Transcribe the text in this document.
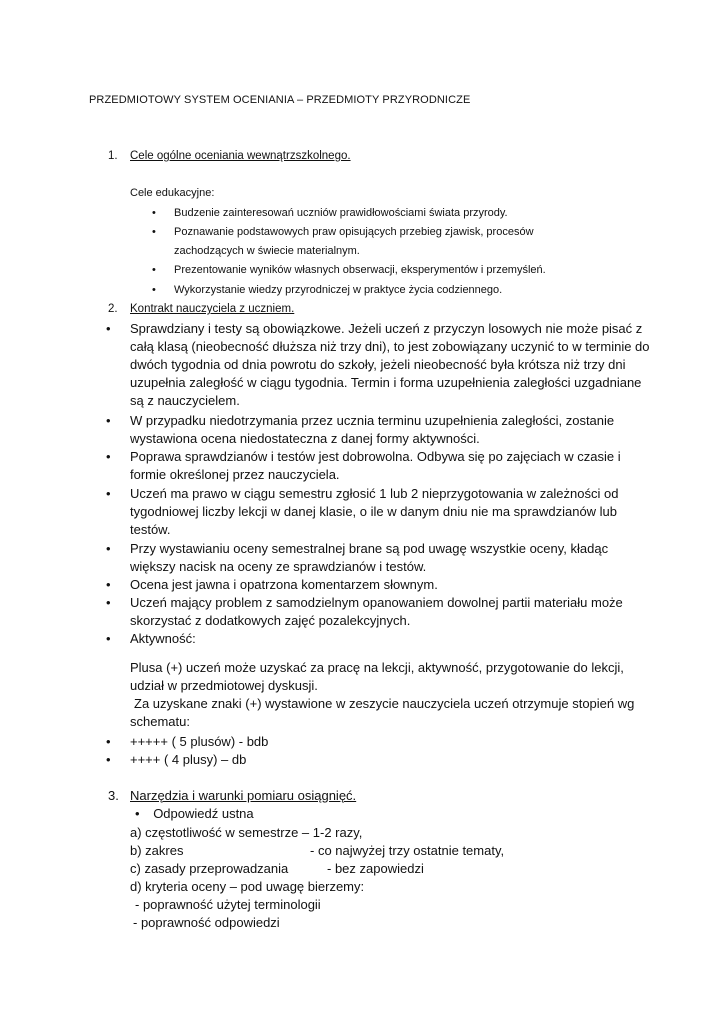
PRZEDMIOTOWY SYSTEM OCENIANIA – PRZEDMIOTY PRZYRODNICZE
1. Cele ogólne oceniania wewnątrzszkolnego.
Cele edukacyjne:
• Budzenie zainteresowań uczniów prawidłowościami świata przyrody.
• Poznawanie podstawowych praw opisujących przebieg zjawisk, procesów
zachodzących w świecie materialnym.
• Prezentowanie wyników własnych obserwacji, eksperymentów i przemyśleń.
• Wykorzystanie wiedzy przyrodniczej w praktyce życia codziennego.
2. Kontrakt nauczyciela z uczniem.
• Sprawdziany i testy są obowiązkowe. Jeżeli uczeń z przyczyn losowych nie może pisać z całą klasą (nieobecność dłuższa niż trzy dni), to jest zobowiązany uczynić to w terminie do dwóch tygodnia od dnia powrotu do szkoły, jeżeli nieobecność była krótsza niż trzy dni uzupełnia zaległość w ciągu tygodnia. Termin i forma uzupełnienia zaległości uzgadniane są z nauczycielem.
• W przypadku niedotrzymania przez ucznia terminu uzupełnienia zaległości, zostanie wystawiona ocena niedostateczna z danej formy aktywności.
• Poprawa sprawdzianów i testów jest dobrowolna. Odbywa się po zajęciach w czasie i formie określonej przez nauczyciela.
• Uczeń ma prawo w ciągu semestru zgłosić 1 lub 2 nieprzygotowania w zależności od tygodniowej liczby lekcji w danej klasie, o ile w danym dniu nie ma sprawdzianów lub testów.
• Przy wystawianiu oceny semestralnej brane są pod uwagę wszystkie oceny, kładąc większy nacisk na oceny ze sprawdzianów i testów.
• Ocena jest jawna i opatrzona komentarzem słownym.
• Uczeń mający problem z samodzielnym opanowaniem dowolnej partii materiału może skorzystać z dodatkowych zajęć pozalekcyjnych.
• Aktywność:
Plusa (+) uczeń może uzyskać za pracę na lekcji, aktywność, przygotowanie do lekcji, udział w przedmiotowej dyskusji.
Za uzyskane znaki (+) wystawione w zeszycie nauczyciela uczeń otrzymuje stopień wg schematu:
• +++++ ( 5 plusów) - bdb
• ++++ ( 4 plusy) – db
3. Narzędzia i warunki pomiaru osiągnięć.
• Odpowiedź ustna
a) częstotliwość w semestrze – 1-2 razy,
b) zakres	- co najwyżej trzy ostatnie tematy,
c) zasady przeprowadzania	- bez zapowiedzi
d) kryteria oceny – pod uwagę bierzemy:
- poprawność użytej terminologii
- poprawność odpowiedzi
